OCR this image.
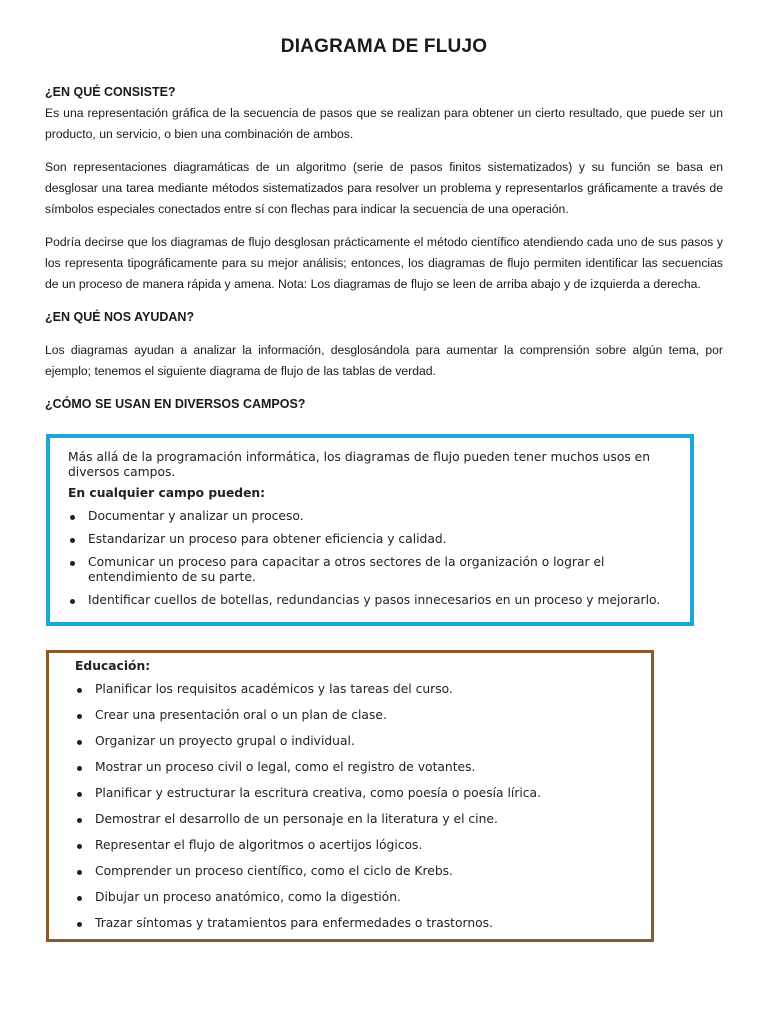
DIAGRAMA DE FLUJO

¿EN QUÉ CONSISTE?

Es una representación gráfica de la secuencia de pasos que se realizan para obtener un cierto resultado, que puede ser un producto, un servicio, o bien una combinación de ambos.

Son representaciones diagramáticas de un algoritmo (serie de pasos finitos sistematizados) y su función se basa en desglosar una tarea mediante métodos sistematizados para resolver un problema y representarlos gráficamente a través de símbolos especiales conectados entre sí con flechas para indicar la secuencia de una operación.

Podría decirse que los diagramas de flujo desglosan prácticamente el método científico atendiendo cada uno de sus pasos y los representa tipográficamente para su mejor análisis; entonces, los diagramas de flujo permiten identificar las secuencias de un proceso de manera rápida y amena. Nota: Los diagramas de flujo se leen de arriba abajo y de izquierda a derecha.

¿EN QUÉ NOS AYUDAN?

Los diagramas ayudan a analizar la información, desglosándola para aumentar la comprensión sobre algún tema, por ejemplo; tenemos el siguiente diagrama de flujo de las tablas de verdad.

¿CÓMO SE USAN EN DIVERSOS CAMPOS?

Más allá de la programación informática, los diagramas de flujo pueden tener muchos usos en diversos campos.

En cualquier campo pueden:

Documentar y analizar un proceso.
Estandarizar un proceso para obtener eficiencia y calidad.
Comunicar un proceso para capacitar a otros sectores de la organización o lograr el entendimiento de su parte.
Identificar cuellos de botellas, redundancias y pasos innecesarios en un proceso y mejorarlo.

Educación:

Planificar los requisitos académicos y las tareas del curso.
Crear una presentación oral o un plan de clase.
Organizar un proyecto grupal o individual.
Mostrar un proceso civil o legal, como el registro de votantes.
Planificar y estructurar la escritura creativa, como poesía o poesía lírica.
Demostrar el desarrollo de un personaje en la literatura y el cine.
Representar el flujo de algoritmos o acertijos lógicos.
Comprender un proceso científico, como el ciclo de Krebs.
Dibujar un proceso anatómico, como la digestión.
Trazar síntomas y tratamientos para enfermedades o trastornos.
